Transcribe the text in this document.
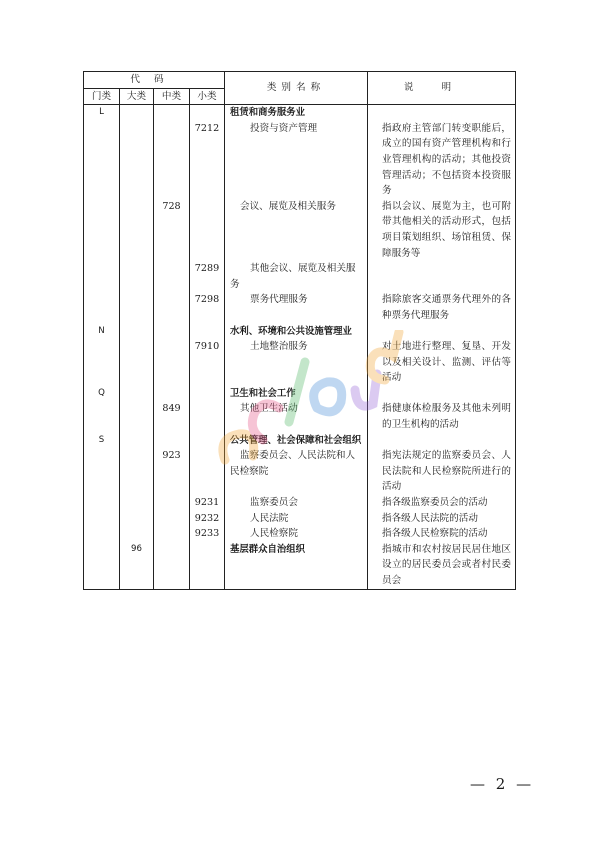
代码				类别名称	说明
门类	大类	中类	小类		
L				租赁和商务服务业	
			7212	投资与资产管理	指政府主管部门转变职能后，成立的国有资产管理机构和行业管理机构的活动；其他投资管理活动；不包括资本投资服务
		728		会议、展览及相关服务	指以会议、展览为主，也可附带其他相关的活动形式，包括项目策划组织、场馆租赁、保障服务等
			7289	其他会议、展览及相关服务	

			7298	票务代理服务	指除旅客交通票务代理外的各种票务代理服务
N				水利、环境和公共设施管理业	
			7910	土地整治服务	对土地进行整理、复垦、开发以及相关设计、监测、评估等活动
Q				卫生和社会工作	
		849		其他卫生活动	指健康体检服务及其他未列明的卫生机构的活动
S				公共管理、社会保障和社会组织	
		923		监察委员会、人民法院和人民检察院	指宪法规定的监察委员会、人民法院和人民检察院所进行的活动
			9231	监察委员会	指各级监察委员会的活动
			9232	人民法院	指各级人民法院的活动
			9233	人民检察院	指各级人民检察院的活动
	96			基层群众自治组织	指城市和农村按居民居住地区设立的居民委员会或者村民委员会
— 2 —
